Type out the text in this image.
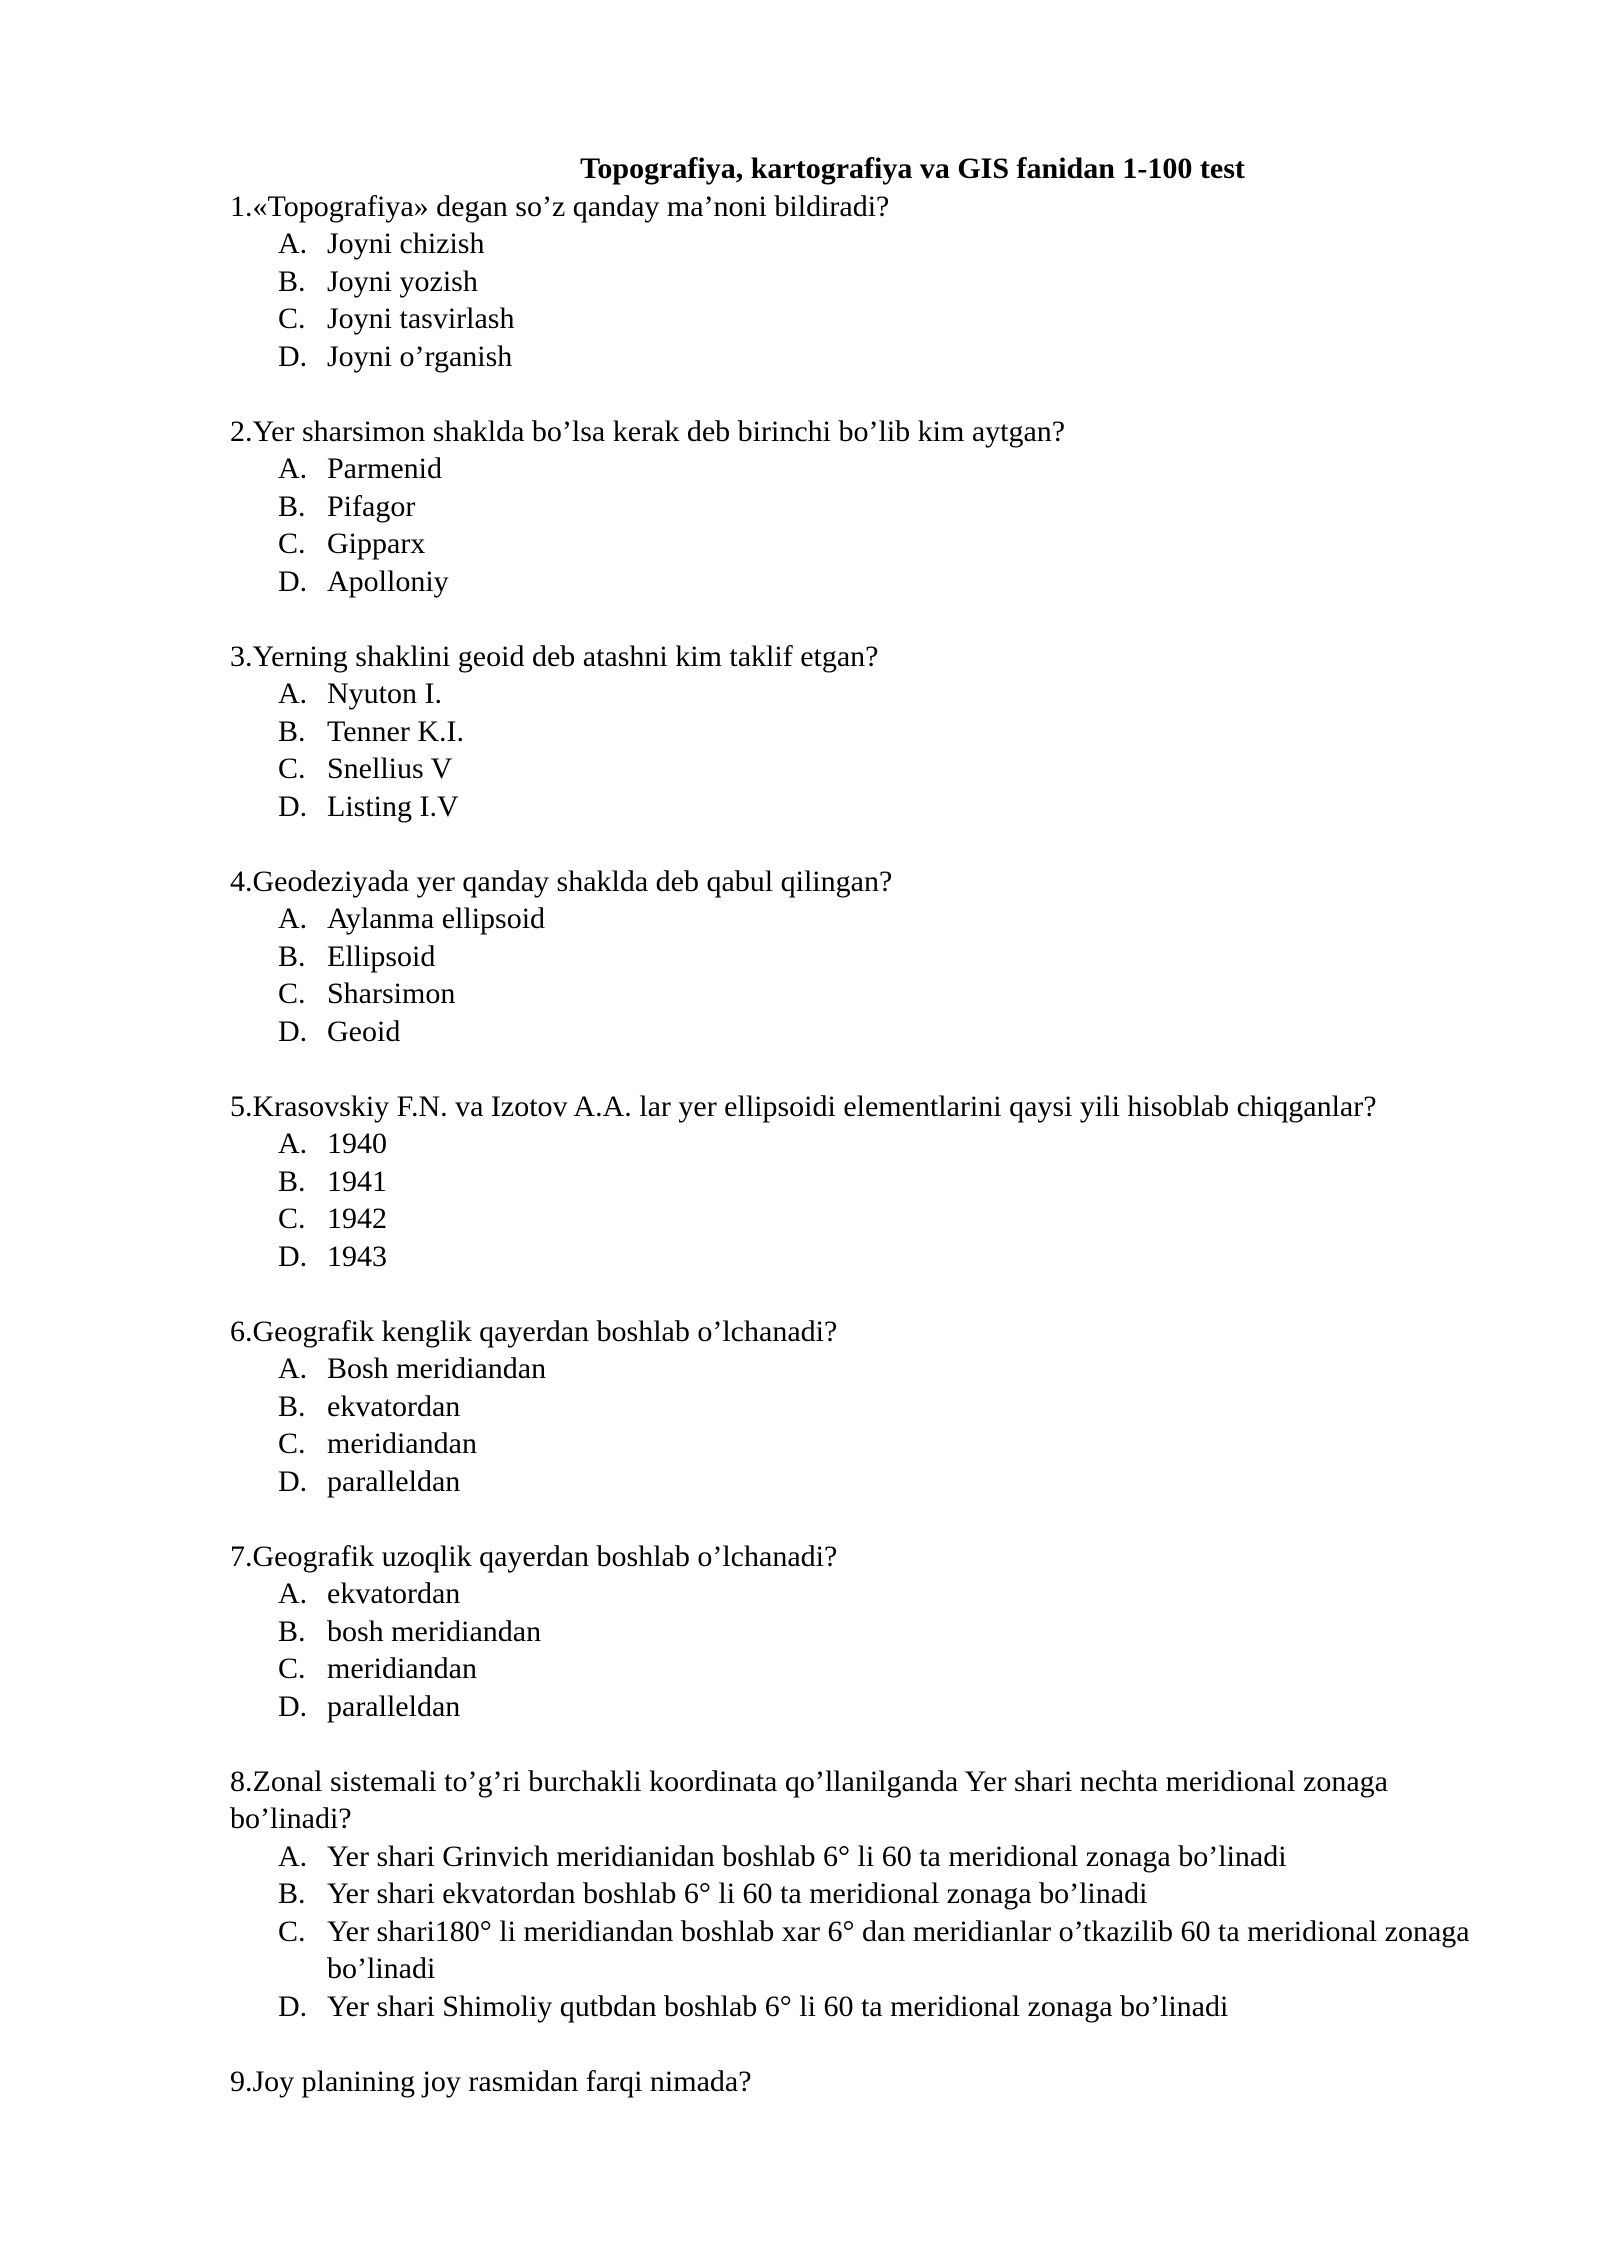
Topografiya, kartografiya va GIS fanidan 1-100 test

1.«Topografiya» degan so’z qanday ma’noni bildiradi?

A. Joyni chizish
B. Joyni yozish
C. Joyni tasvirlash
D. Joyni o’rganish

2.Yer sharsimon shaklda bo’lsa kerak deb birinchi bo’lib kim aytgan?

A. Parmenid
B. Pifagor
C. Gipparx
D. Apolloniy

3.Yerning shaklini geoid deb atashni kim taklif etgan?

A. Nyuton I.
B. Tenner K.I.
C. Snellius V
D. Listing I.V

4.Geodeziyada yer qanday shaklda deb qabul qilingan?

A. Aylanma ellipsoid
B. Ellipsoid
C. Sharsimon
D. Geoid

5.Krasovskiy F.N. va Izotov A.A. lar yer ellipsoidi elementlarini qaysi yili hisoblab chiqganlar?

A. 1940
B. 1941
C. 1942
D. 1943

6.Geografik kenglik qayerdan boshlab o’lchanadi?

A. Bosh meridiandan
B. ekvatordan
C. meridiandan
D. paralleldan

7.Geografik uzoqlik qayerdan boshlab o’lchanadi?

A. ekvatordan
B. bosh meridiandan
C. meridiandan
D. paralleldan

8.Zonal sistemali to’g’ri burchakli koordinata qo’llanilganda Yer shari nechta meridional zonaga bo’linadi?

A. Yer shari Grinvich meridianidan boshlab 6° li 60 ta meridional zonaga bo’linadi
B. Yer shari ekvatordan boshlab 6° li 60 ta meridional zonaga bo’linadi
C. Yer shari180° li meridiandan boshlab xar 6° dan meridianlar o’tkazilib 60 ta meridional zonaga bo’linadi
D. Yer shari Shimoliy qutbdan boshlab 6° li 60 ta meridional zonaga bo’linadi

9.Joy planining joy rasmidan farqi nimada?
